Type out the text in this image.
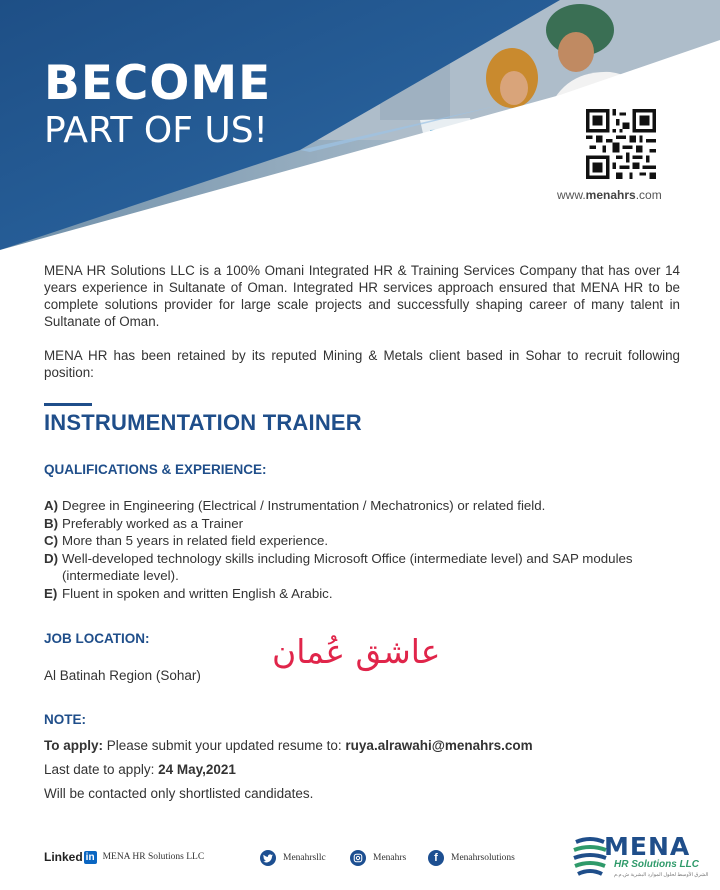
BECOME
PART OF US!
www.menahrs.com

MENA HR Solutions LLC is a 100% Omani Integrated HR & Training Services Company that has over 14 years experience in Sultanate of Oman. Integrated HR services approach ensured that MENA HR to be complete solutions provider for large scale projects and successfully shaping career of many talent in Sultanate of Oman.

MENA HR has been retained by its reputed Mining & Metals client based in Sohar to recruit following position:

INSTRUMENTATION TRAINER
QUALIFICATIONS & EXPERIENCE:
A) Degree in Engineering (Electrical / Instrumentation / Mechatronics) or related field.
B) Preferably worked as a Trainer
C) More than 5 years in related field experience.
D) Well-developed technology skills including Microsoft Office (intermediate level) and SAP modules (intermediate level).
E) Fluent in spoken and written English & Arabic.
JOB LOCATION:
Al Batinah Region (Sohar)
عاشق عُمان
NOTE:
To apply: Please submit your updated resume to: ruya.alrawahi@menahrs.com
Last date to apply: 24 May,2021
Will be contacted only shortlisted candidates.
Linked in MENA HR Solutions LLC	Menahrsllc	Menahrs	f	Menahrsolutions	MENA
HR Solutions LLC
الشرق الأوسط لحلول الموارد البشرية ش.م.م
